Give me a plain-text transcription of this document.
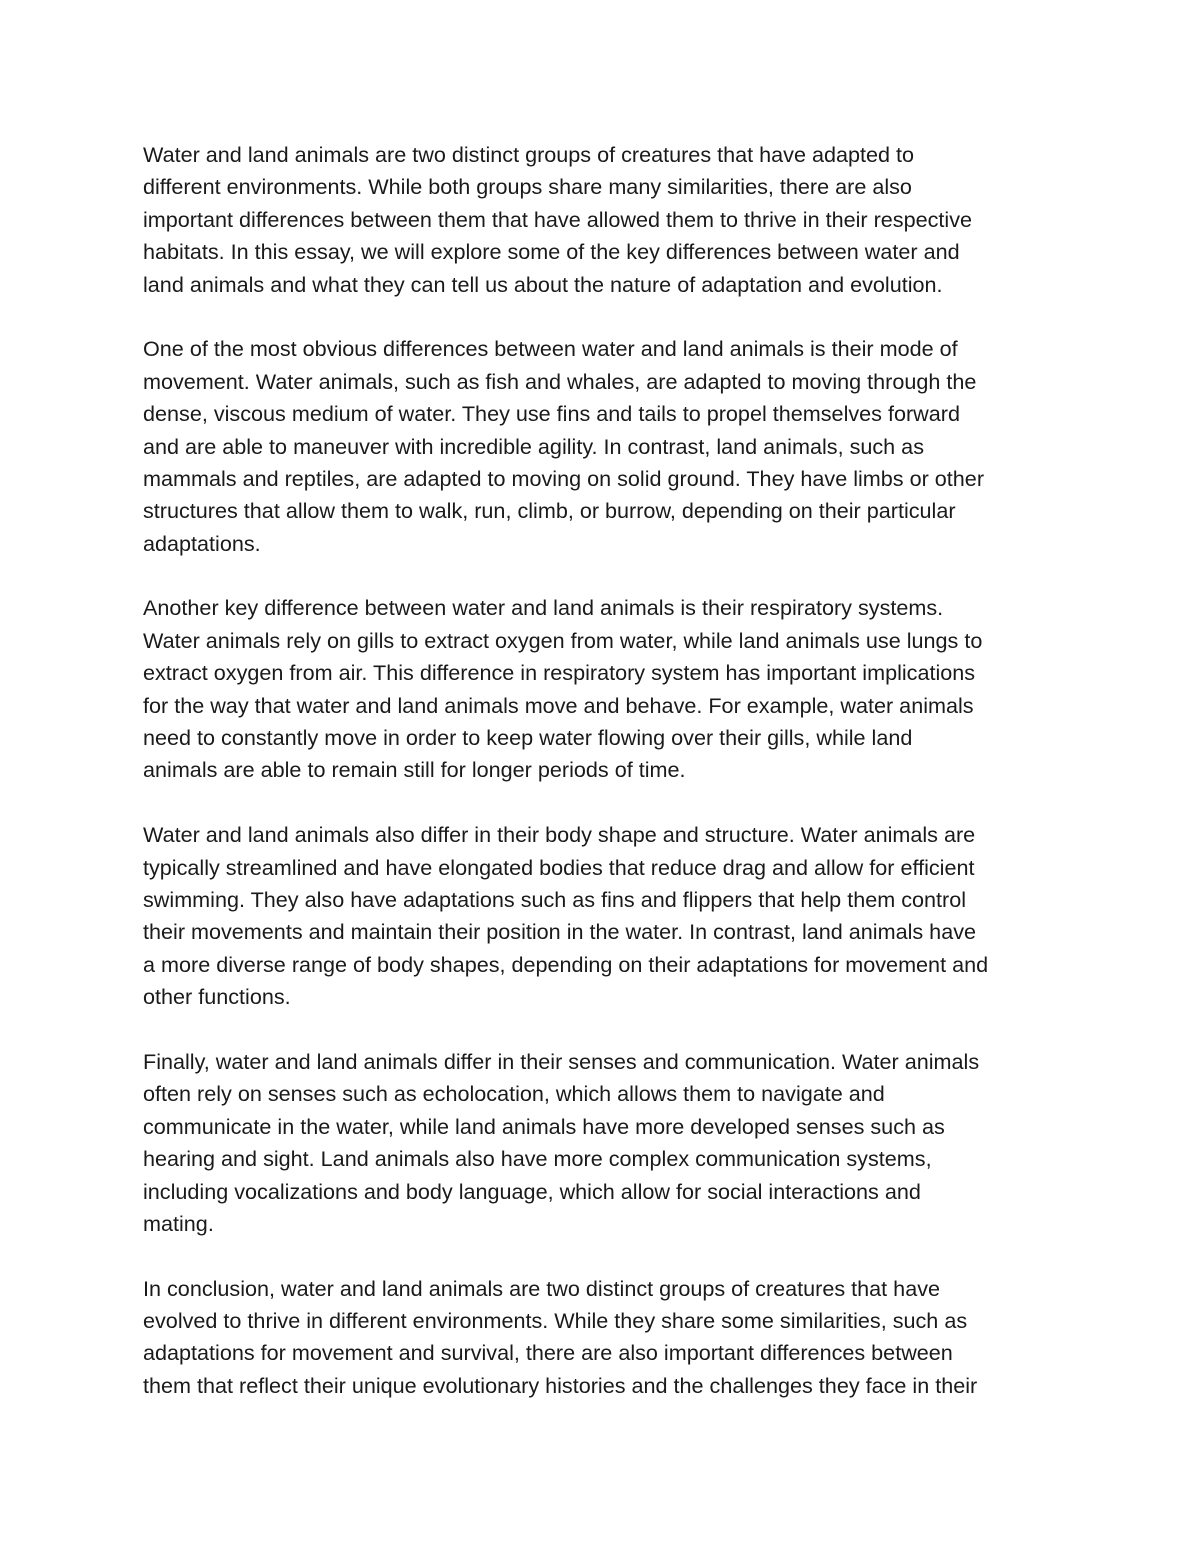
Water and land animals are two distinct groups of creatures that have adapted to
different environments. While both groups share many similarities, there are also
important differences between them that have allowed them to thrive in their respective
habitats. In this essay, we will explore some of the key differences between water and
land animals and what they can tell us about the nature of adaptation and evolution.
One of the most obvious differences between water and land animals is their mode of
movement. Water animals, such as fish and whales, are adapted to moving through the
dense, viscous medium of water. They use fins and tails to propel themselves forward
and are able to maneuver with incredible agility. In contrast, land animals, such as
mammals and reptiles, are adapted to moving on solid ground. They have limbs or other
structures that allow them to walk, run, climb, or burrow, depending on their particular
adaptations.
Another key difference between water and land animals is their respiratory systems.
Water animals rely on gills to extract oxygen from water, while land animals use lungs to
extract oxygen from air. This difference in respiratory system has important implications
for the way that water and land animals move and behave. For example, water animals
need to constantly move in order to keep water flowing over their gills, while land
animals are able to remain still for longer periods of time.
Water and land animals also differ in their body shape and structure. Water animals are
typically streamlined and have elongated bodies that reduce drag and allow for efficient
swimming. They also have adaptations such as fins and flippers that help them control
their movements and maintain their position in the water. In contrast, land animals have
a more diverse range of body shapes, depending on their adaptations for movement and
other functions.
Finally, water and land animals differ in their senses and communication. Water animals
often rely on senses such as echolocation, which allows them to navigate and
communicate in the water, while land animals have more developed senses such as
hearing and sight. Land animals also have more complex communication systems,
including vocalizations and body language, which allow for social interactions and
mating.
In conclusion, water and land animals are two distinct groups of creatures that have
evolved to thrive in different environments. While they share some similarities, such as
adaptations for movement and survival, there are also important differences between
them that reflect their unique evolutionary histories and the challenges they face in their
